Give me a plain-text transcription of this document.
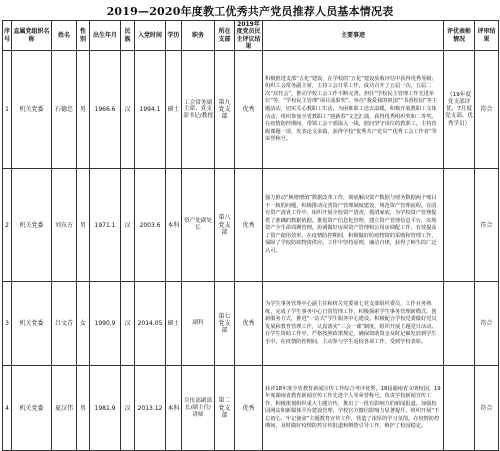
2019—2020年度教工优秀共产党员推荐人员基本情况表
序号	直属党组织名称	姓名	性别	出生年月	民族	入党时间	学历	职务	所在支部	2019年度党员民主评议结果	主要事迹	评优表彰情况	评审结果
1	机关党委	石德忠	男	1966.6	汉	1994.1	硕士	工会常务副主席、党支部书记/教授	第九党支部	优秀	积极推进支部“五化”建设，在学校的“五化”建设验收评估中获得优秀等级；组织工会常务副主席，主持工会日常工作，成功召开了五届一次、五届二次“双代会”，推动学校工会工作不断完善。担任“学校民主管理工作先进单位”等，“学校民主管理”项目成果奖”。举办“我爱我的祖国”“书香校园”等主题活动，切实关心教职工生活，为困难职工送去温暖。积极开展教职工文体活动，组织参加全省教职工“迎新春”文艺汇演，获得优秀组织奖和二等奖。在疫情防控期间，带领工会干部深入一线，慰问坚守岗位的教职工。主持省级课题一项，发表论文多篇，获得学校“优秀共产党员”“优秀工会工作者”等荣誉称号。	（19年度党支部评优，7月度党支部、优秀学员）	符合
2	机关党委	刘东方	男	1971.1	汉	2003.6	本科	资产处副处长	第八党支部	优秀	强力推动“换增增值”数据改革工作，彻底解决资产数据与财务数据两个账目不一致的问题，积极推动完善资产管理制度建设，规范资产管理流程。在国有资产清查工作中，组织开展全校资产清查，摸清家底，为学校资产管理提供了准确的数据依据。推进资产信息化管理，建立资产管理信息平台，实现资产全生命周期管理。协调做好房屋资产管理和公用房调配工作，有效提高了资产使用效率。在疫情防控期间，积极做好防疫物资的采购和管理工作，保障了学校防疫物资供应。工作中坚持原则，廉洁自律，获得了师生的广泛认可。		符合
3	机关党委	吕文青	女	1990.9	汉	2014.05	硕士	副科	第七党支部	优秀	为学生事务管理中心副主任和机关党委第七党支部组织委员，工作业务熟练，完成了学生事务中心日常管理工作，积极探索学生事务管理新模式，创新服务方式，推进“一站式”学生服务中心建设。积极配合学校党委做好党员发展和教育管理工作，认真落实“三会一课”制度，组织开展主题党日活动。在学生资助工作中，严格按照政策规定，确保资助资金及时足额发放到学生手中。在疫情防控期间，主动参与学生返校各项工作，受到学校表彰。		符合
4	机关党委	夏汉伟	男	1981.9	汉	2013.12	本科	宣传部副部长/副主任/讲师	第二党支部	优秀	获评18年度全省教育新闻宣传工作综合考评优秀，18届湖南省文明校园，19年度湖南省教育新闻宣传工作先进个人等荣誉称号。负责学校新闻宣传工作，积极策划组织重大主题宣传，推出了一批有影响力的新闻报道。加强校园网站和新媒体平台建设管理，学校官方微信影响力显著提升。组织开展“不忘初心、牢记使命”主题教育宣传工作，营造了浓厚的学习氛围。在疫情防控期间，及时做好疫情防控宣传报道和舆情引导工作，维护了校园稳定。		符合
